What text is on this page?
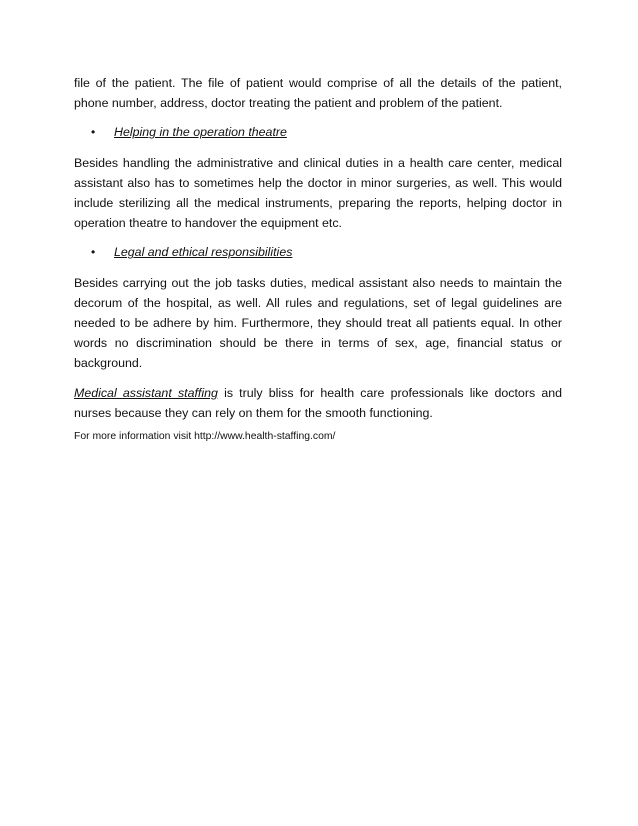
file of the patient. The file of patient would comprise of all the details of the patient, phone number, address, doctor treating the patient and problem of the patient.

•	Helping in the operation theatre

Besides handling the administrative and clinical duties in a health care center, medical assistant also has to sometimes help the doctor in minor surgeries, as well. This would include sterilizing all the medical instruments, preparing the reports, helping doctor in operation theatre to handover the equipment etc.

•	Legal and ethical responsibilities

Besides carrying out the job tasks duties, medical assistant also needs to maintain the decorum of the hospital, as well. All rules and regulations, set of legal guidelines are needed to be adhere by him. Furthermore, they should treat all patients equal. In other words no discrimination should be there in terms of sex, age, financial status or background.

Medical assistant staffing is truly bliss for health care professionals like doctors and nurses because they can rely on them for the smooth functioning.

For more information visit http://www.health-staffing.com/
